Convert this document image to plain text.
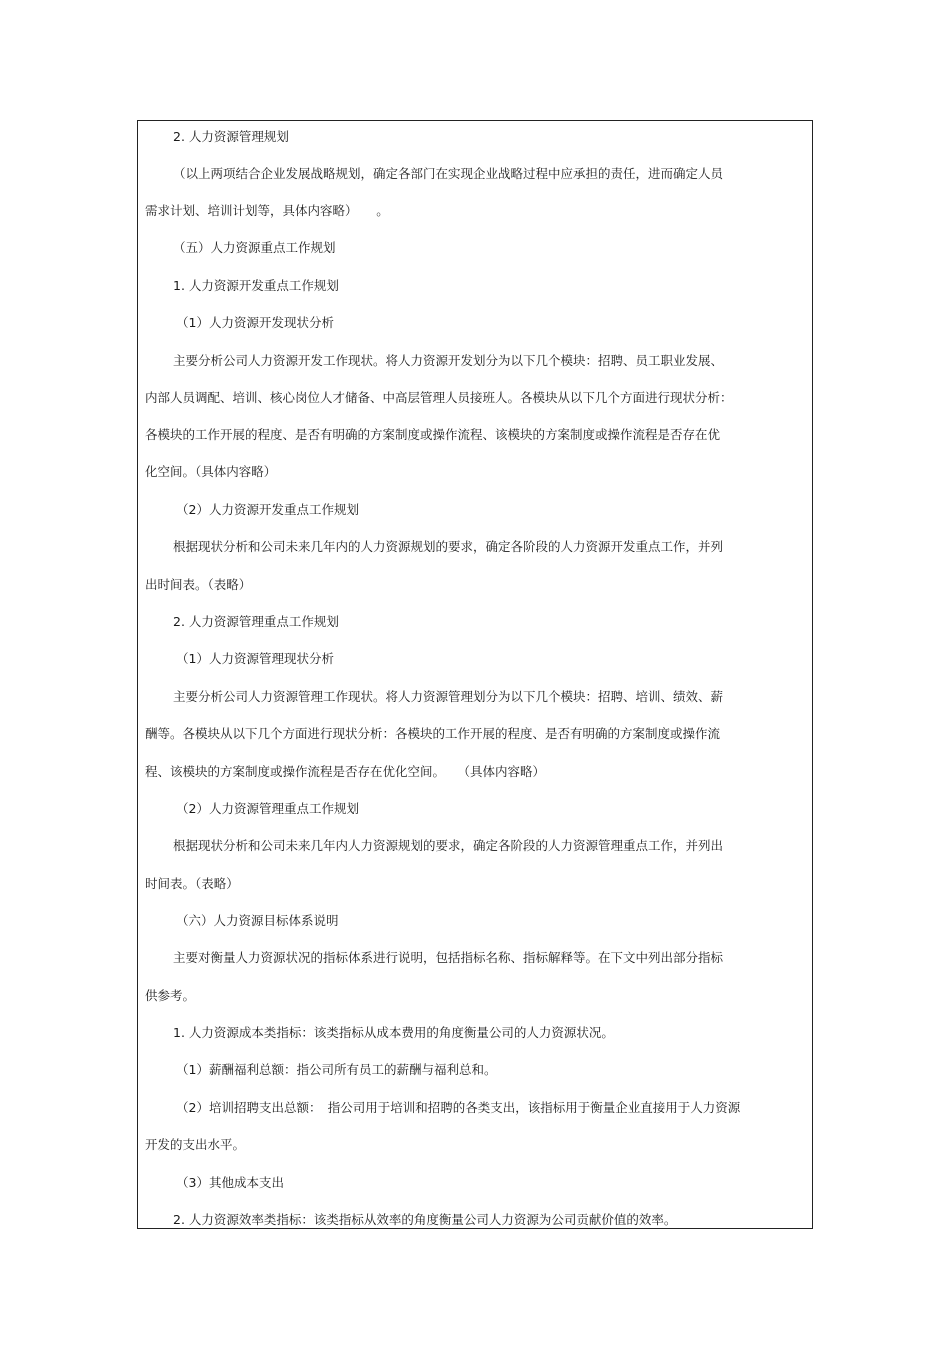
2. 人力资源管理规划

（以上两项结合企业发展战略规划，确定各部门在实现企业战略过程中应承担的责任，进而确定人员

需求计划、培训计划等，具体内容略）　　。

（五）人力资源重点工作规划

1. 人力资源开发重点工作规划

（1）人力资源开发现状分析

主要分析公司人力资源开发工作现状。将人力资源开发划分为以下几个模块：招聘、员工职业发展、

内部人员调配、培训、核心岗位人才储备、中高层管理人员接班人。各模块从以下几个方面进行现状分析：

各模块的工作开展的程度、是否有明确的方案制度或操作流程、该模块的方案制度或操作流程是否存在优

化空间。（具体内容略）

（2）人力资源开发重点工作规划

根据现状分析和公司未来几年内的人力资源规划的要求，确定各阶段的人力资源开发重点工作，并列

出时间表。（表略）

2. 人力资源管理重点工作规划

（1）人力资源管理现状分析

主要分析公司人力资源管理工作现状。将人力资源管理划分为以下几个模块：招聘、培训、绩效、薪

酬等。各模块从以下几个方面进行现状分析：各模块的工作开展的程度、是否有明确的方案制度或操作流

程、该模块的方案制度或操作流程是否存在优化空间。　　（具体内容略）

（2）人力资源管理重点工作规划

根据现状分析和公司未来几年内人力资源规划的要求，确定各阶段的人力资源管理重点工作，并列出

时间表。（表略）

（六）人力资源目标体系说明

主要对衡量人力资源状况的指标体系进行说明，包括指标名称、指标解释等。在下文中列出部分指标

供参考。

1. 人力资源成本类指标：该类指标从成本费用的角度衡量公司的人力资源状况。

（1）薪酬福利总额：指公司所有员工的薪酬与福利总和。

（2）培训招聘支出总额：　指公司用于培训和招聘的各类支出，该指标用于衡量企业直接用于人力资源

开发的支出水平。

（3）其他成本支出

2. 人力资源效率类指标：该类指标从效率的角度衡量公司人力资源为公司贡献价值的效率。
